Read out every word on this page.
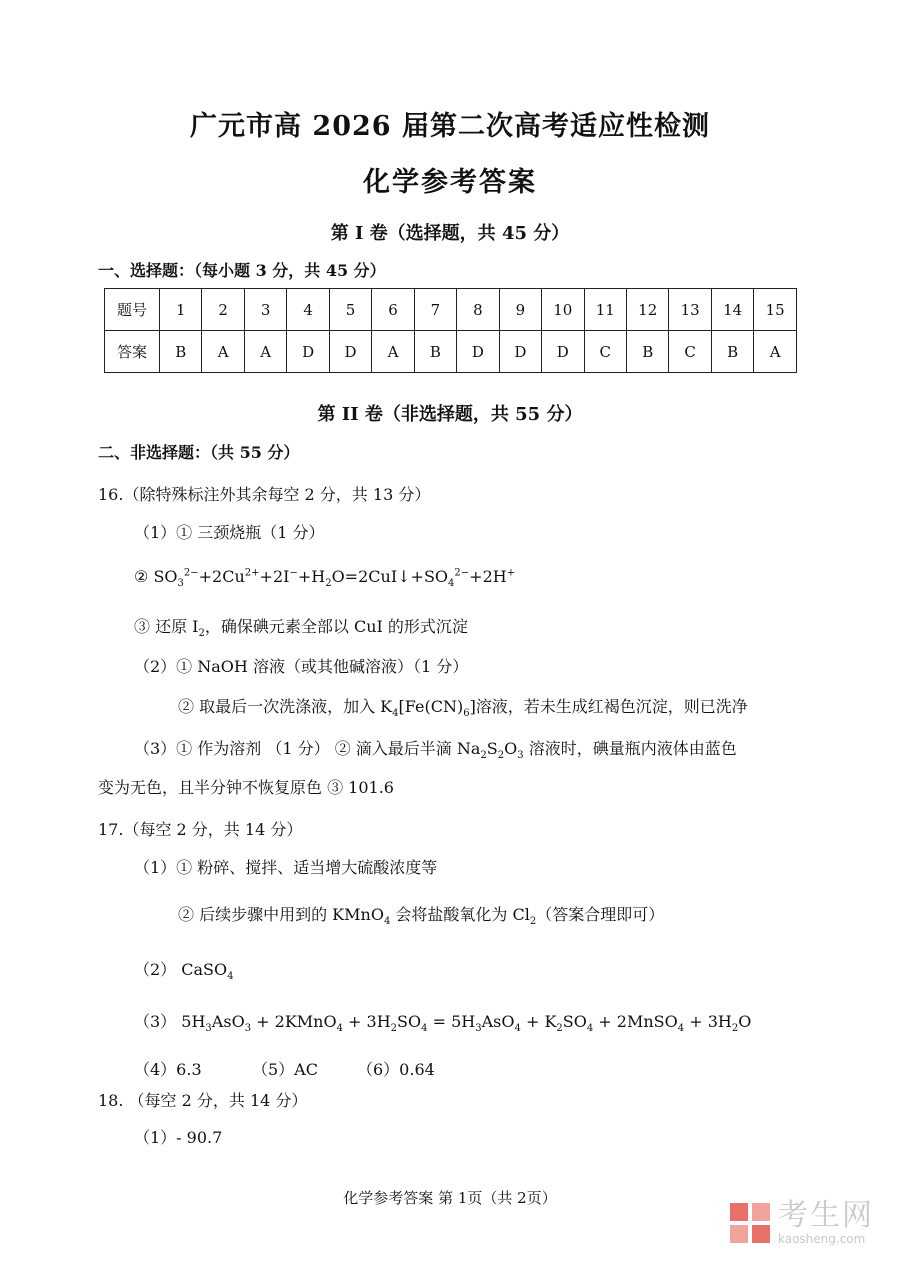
广元市高 2026 届第二次高考适应性检测
化学参考答案
第 I 卷（选择题，共 45 分）
一、选择题：（每小题 3 分，共 45 分）
题号	1	2	3	4	5	6	7	8	9	10	11	12	13	14	15
答案	B	A	A	D	D	A	B	D	D	D	C	B	C	B	A
第 II 卷（非选择题，共 55 分）
二、非选择题：（共 55 分）
16.（除特殊标注外其余每空 2 分，共 13 分）
（1）① 三颈烧瓶（1 分）
② $SO_3^{2-}+2Cu^{2+}+2I^-+H_2O=2CuI↓+SO_4^{2-}+2H^+$
③ 还原 $I_2$，确保碘元素全部以 CuI 的形式沉淀
（2）① NaOH 溶液（或其他碱溶液）（1 分）
② 取最后一次洗涤液，加入 $K_4[Fe(CN)_6]$溶液，若未生成红褐色沉淀，则已洗净
（3）① 作为溶剂 （1 分） ② 滴入最后半滴 $Na_2S_2O_3$ 溶液时，碘量瓶内液体由蓝色
变为无色，且半分钟不恢复原色 ③ 101.6
17.（每空 2 分，共 14 分）
（1）① 粉碎、搅拌、适当增大硫酸浓度等
② 后续步骤中用到的 KMnO$_4$ 会将盐酸氧化为 $Cl_2$（答案合理即可）
（2） CaSO$_4$
（3） $5H_3AsO_3$ + 2KMnO$_4$ + $3H_2SO_4 = 5H_3AsO_4 + K_2SO_4$ + 2MnSO$_4$ + $3H_2O$
（4）6.3	（5）AC （6）0.64
18. （每空 2 分，共 14 分）
（1）- 90.7
化学参考答案 第 1页（共 2页）	考生网
kaosheng.com
